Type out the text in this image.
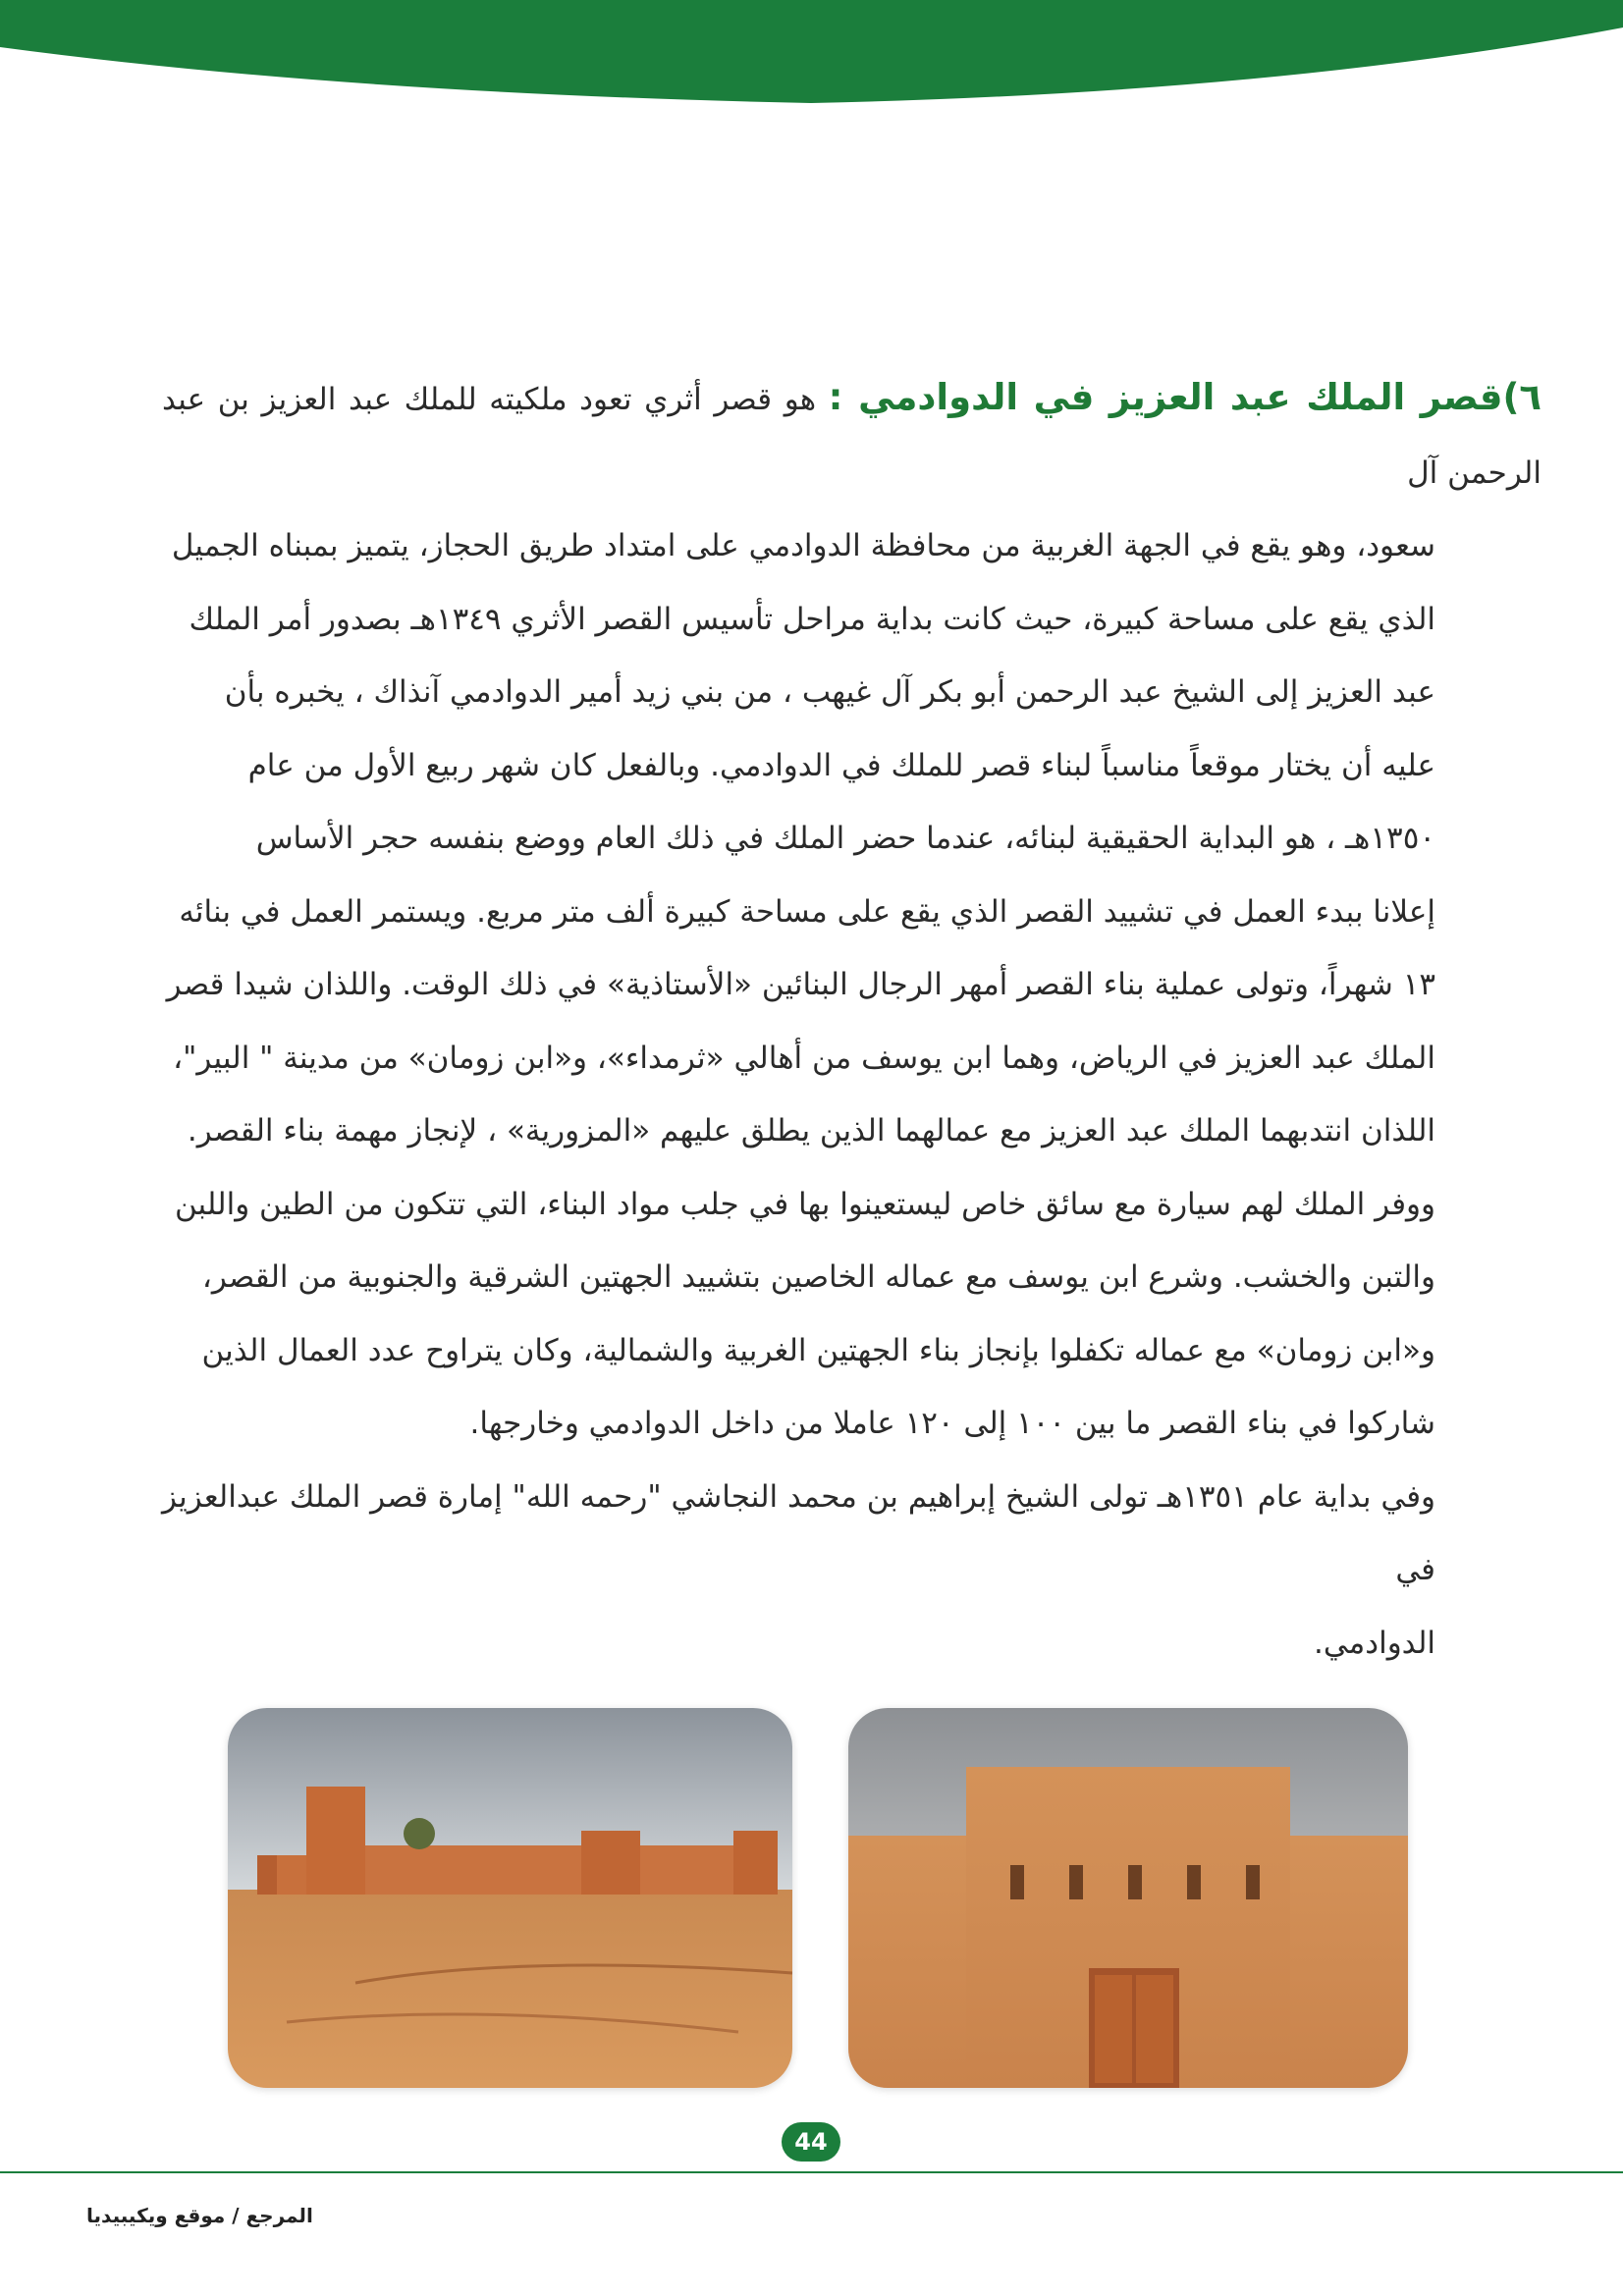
٦)قصر الملك عبد العزيز في الدوادمي : هو قصر أثري تعود ملكيته للملك عبد العزيز بن عبد الرحمن آل

سعود، وهو يقع في الجهة الغربية من محافظة الدوادمي على امتداد طريق الحجاز، يتميز بمبناه الجميل

الذي يقع على مساحة كبيرة، حيث كانت بداية مراحل تأسيس القصر الأثري ١٣٤٩هـ بصدور أمر الملك

عبد العزيز إلى الشيخ عبد الرحمن أبو بكر آل غيهب ، من بني زيد أمير الدوادمي آنذاك ، يخبره بأن

عليه أن يختار موقعاً مناسباً لبناء قصر للملك في الدوادمي. وبالفعل كان شهر ربيع الأول من عام

١٣٥٠هـ ، هو البداية الحقيقية لبنائه، عندما حضر الملك في ذلك العام ووضع بنفسه حجر الأساس

إعلانا ببدء العمل في تشييد القصر الذي يقع على مساحة كبيرة ألف متر مربع. ويستمر العمل في بنائه

١٣ شهراً، وتولى عملية بناء القصر أمهر الرجال البنائين «الأستاذية» في ذلك الوقت. واللذان شيدا قصر

الملك عبد العزيز في الرياض، وهما ابن يوسف من أهالي «ثرمداء»، و«ابن زومان» من مدينة " البير"،

اللذان انتدبهما الملك عبد العزيز مع عمالهما الذين يطلق عليهم «المزورية» ، لإنجاز مهمة بناء القصر.

ووفر الملك لهم سيارة مع سائق خاص ليستعينوا بها في جلب مواد البناء، التي تتكون من الطين واللبن

والتبن والخشب. وشرع ابن يوسف مع عماله الخاصين بتشييد الجهتين الشرقية والجنوبية من القصر،

و«ابن زومان» مع عماله تكفلوا بإنجاز بناء الجهتين الغربية والشمالية، وكان يتراوح عدد العمال الذين

شاركوا في بناء القصر ما بين ١٠٠ إلى ١٢٠ عاملا من داخل الدوادمي وخارجها.

وفي بداية عام ١٣٥١هـ تولى الشيخ إبراهيم بن محمد النجاشي "رحمه الله" إمارة قصر الملك عبدالعزيز في

الدوادمي.

44
المرجع / موقع ويكيبيديا
